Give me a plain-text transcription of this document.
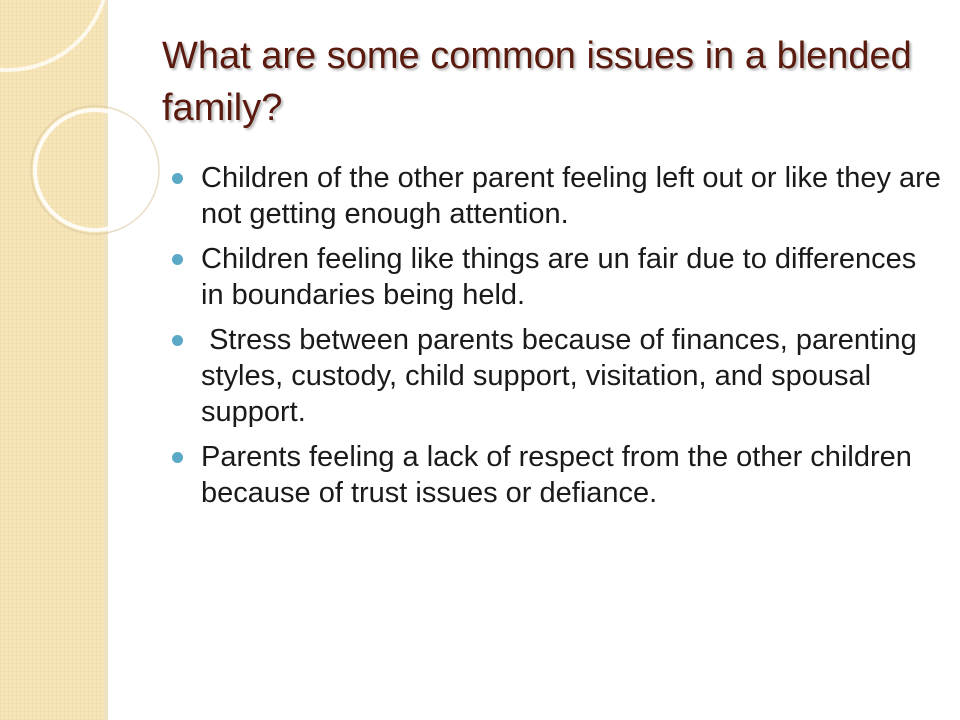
What are some common issues in a blended family?
Children of the other parent feeling left out or like they are not getting enough attention.
Children feeling like things are un fair due to differences in boundaries being held.
Stress between parents because of finances, parenting styles, custody, child support, visitation, and spousal support.
Parents feeling a lack of respect from the other children because of trust issues or defiance.
